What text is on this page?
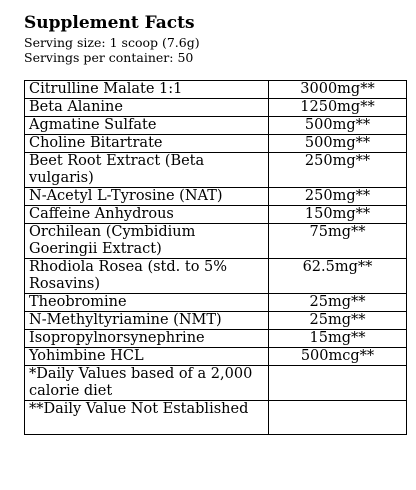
Supplement Facts
Serving size: 1 scoop (7.6g)
Servings per container: 50
Citrulline Malate 1:1	3000mg**
Beta Alanine	1250mg**
Agmatine Sulfate	500mg**
Choline Bitartrate	500mg**
Beet Root Extract (Beta vulgaris)	250mg**
N-Acetyl L-Tyrosine (NAT)	250mg**
Caffeine Anhydrous	150mg**
Orchilean (Cymbidium Goeringii Extract)	75mg**
Rhodiola Rosea (std. to 5% Rosavins)	62.5mg**
Theobromine	25mg**
N-Methyltyriamine (NMT)	25mg**
Isopropylnorsynephrine	15mg**
Yohimbine HCL	500mcg**
*Daily Values based of a 2,000 calorie diet	
**Daily Value Not Established	
